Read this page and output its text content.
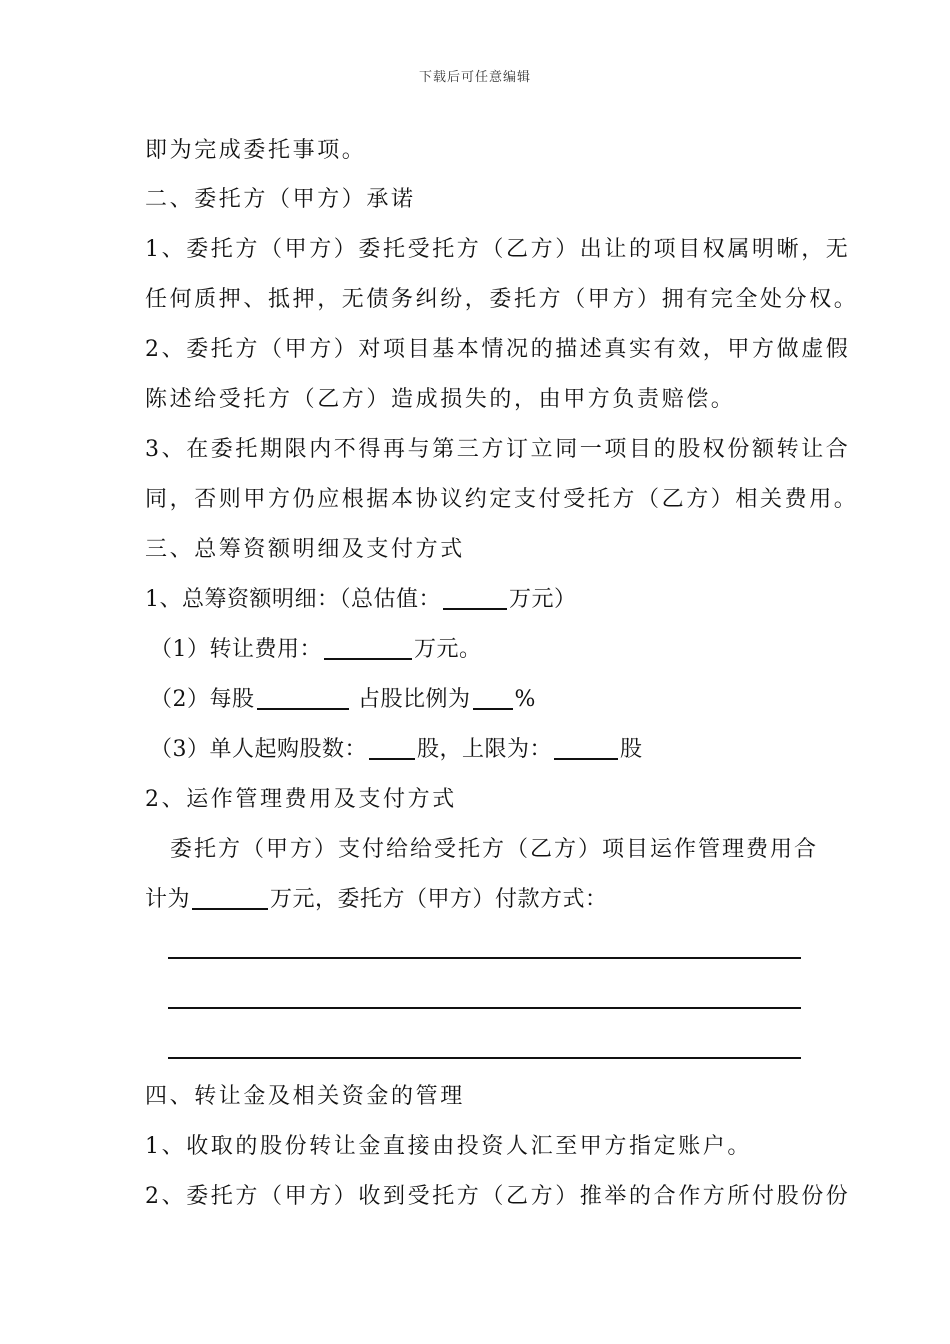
下载后可任意编辑
即为完成委托事项。
二、委托方（甲方）承诺
1、委托方（甲方）委托受托方（乙方）出让的项目权属明晰，无
任何质押、抵押，无债务纠纷，委托方（甲方）拥有完全处分权。
2、委托方（甲方）对项目基本情况的描述真实有效，甲方做虚假
陈述给受托方（乙方）造成损失的，由甲方负责赔偿。
3、在委托期限内不得再与第三方订立同一项目的股权份额转让合
同，否则甲方仍应根据本协议约定支付受托方（乙方）相关费用。
三、总筹资额明细及支付方式
1、总筹资额明细：（总估值：	万元）
（1）转让费用：	万元。
（2）每股	占股比例为 %
（3）单人起购股数： 股，上限为：	股
2、运作管理费用及支付方式
委托方（甲方）支付给给受托方（乙方）项目运作管理费用合
计为	万元，委托方（甲方）付款方式：
四、转让金及相关资金的管理
1、收取的股份转让金直接由投资人汇至甲方指定账户。
2、委托方（甲方）收到受托方（乙方）推举的合作方所付股份份
